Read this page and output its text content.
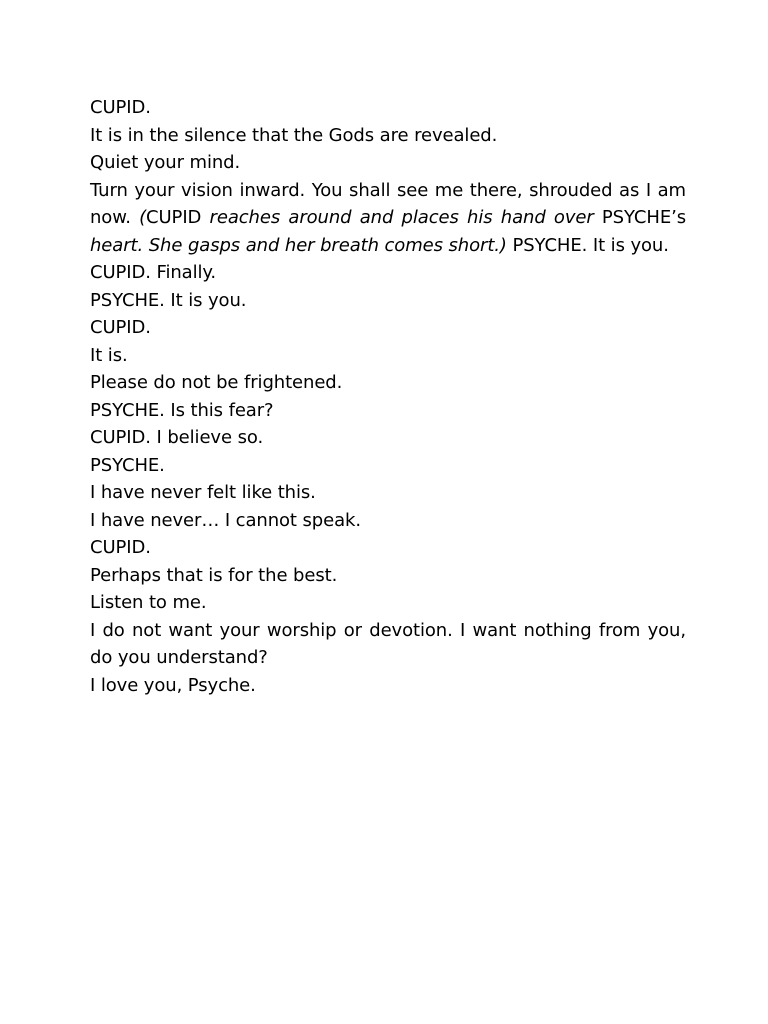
CUPID.
It is in the silence that the Gods are revealed.
Quiet your mind.
Turn your vision inward. You shall see me there, shrouded as I am now. (CUPID reaches around and places his hand over PSYCHE’s heart. She gasps and her breath comes short.) PSYCHE. It is you.
CUPID. Finally.
PSYCHE. It is you.
CUPID.
It is.
Please do not be frightened.
PSYCHE. Is this fear?
CUPID. I believe so.
PSYCHE.
I have never felt like this.
I have never… I cannot speak.
CUPID.
Perhaps that is for the best.
Listen to me.
I do not want your worship or devotion. I want nothing from you, do you understand?
I love you, Psyche.
